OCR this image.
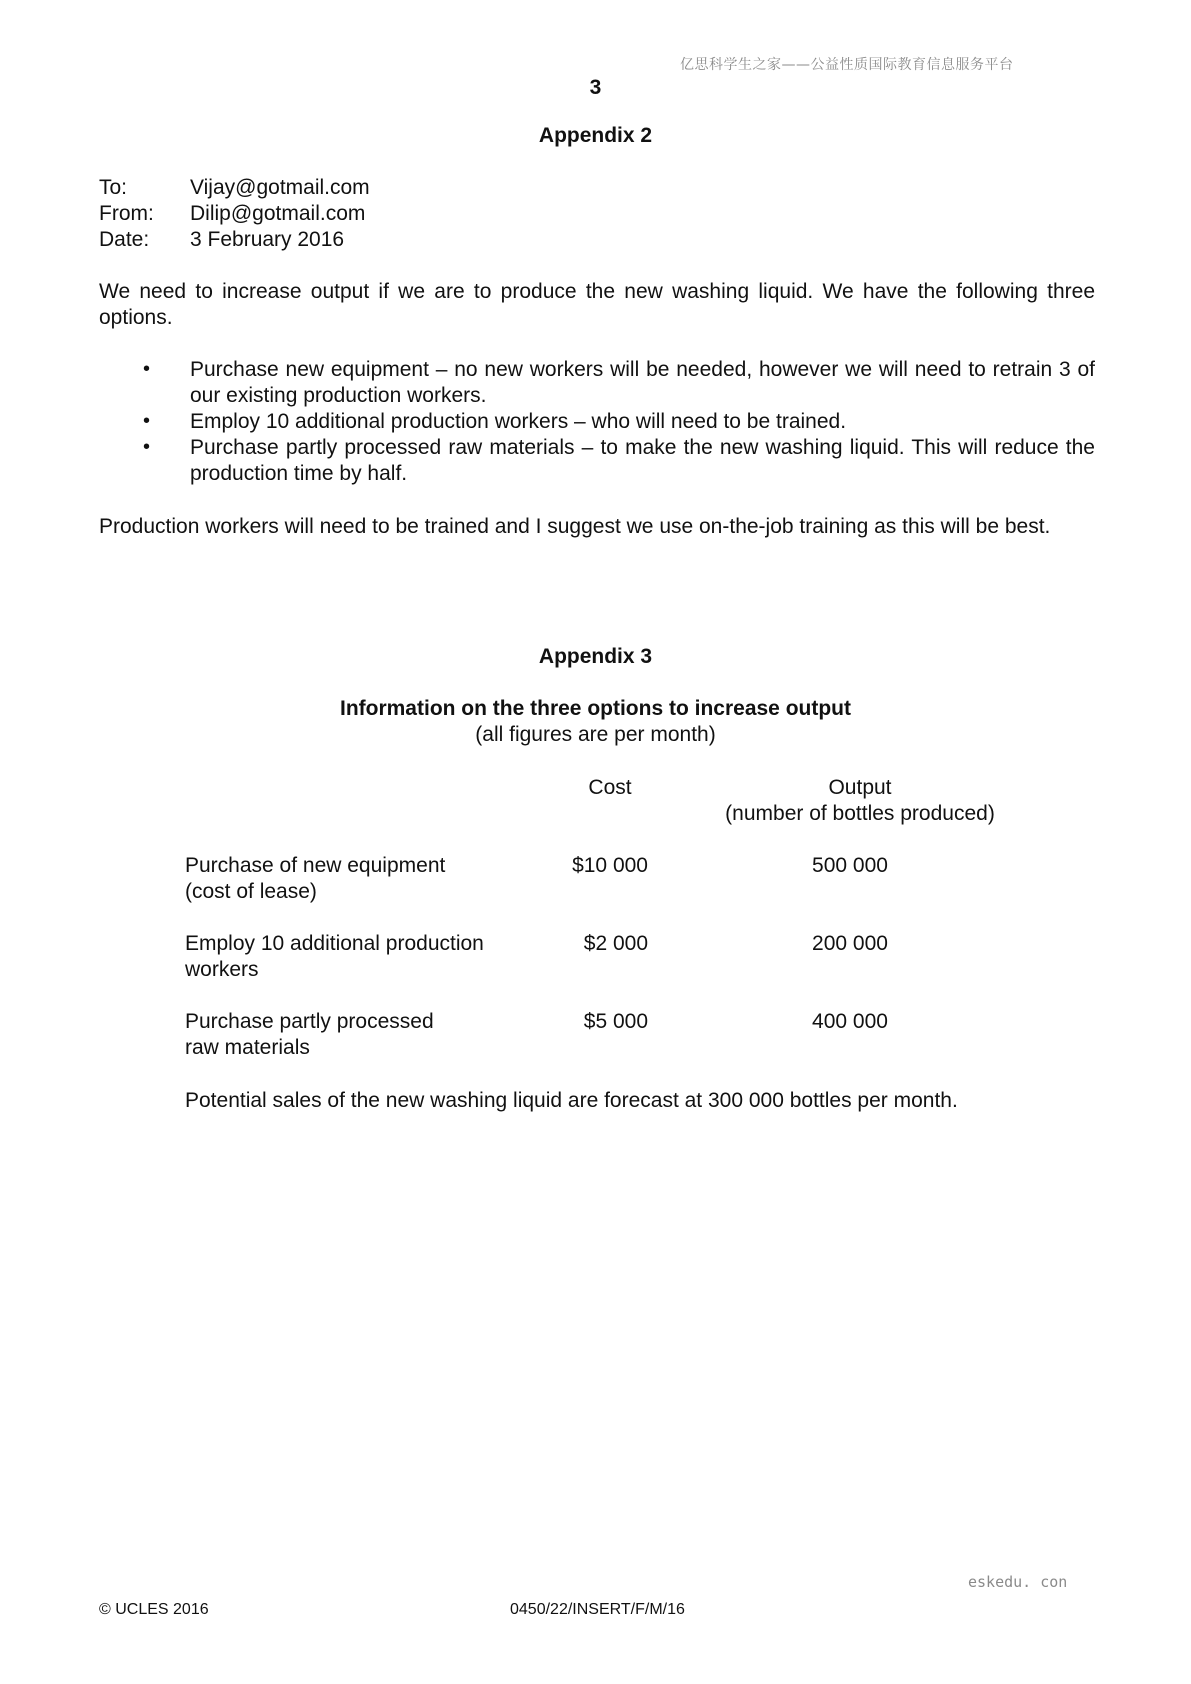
亿思科学生之家——公益性质国际教育信息服务平台
3
Appendix 2
To:	Vijay@gotmail.com
From: Dilip@gotmail.com
Date: 3 February 2016
We need to increase output if we are to produce the new washing liquid. We have the following three options.
• Purchase new equipment – no new workers will be needed, however we will need to retrain 3 of our existing production workers.
• Employ 10 additional production workers – who will need to be trained.
• Purchase partly processed raw materials – to make the new washing liquid. This will reduce the production time by half.
Production workers will need to be trained and I suggest we use on-the-job training as this will be best.
Appendix 3
Information on the three options to increase output
(all figures are per month)
Cost	Output
(number of bottles produced)
Purchase of new equipment
(cost of lease)
$10 000	500 000
Employ 10 additional production
workers
$2 000	200 000
Purchase partly processed
raw materials
$5 000	400 000
Potential sales of the new washing liquid are forecast at 300 000 bottles per month.
eskedu. con
© UCLES 2016	0450/22/INSERT/F/M/16
